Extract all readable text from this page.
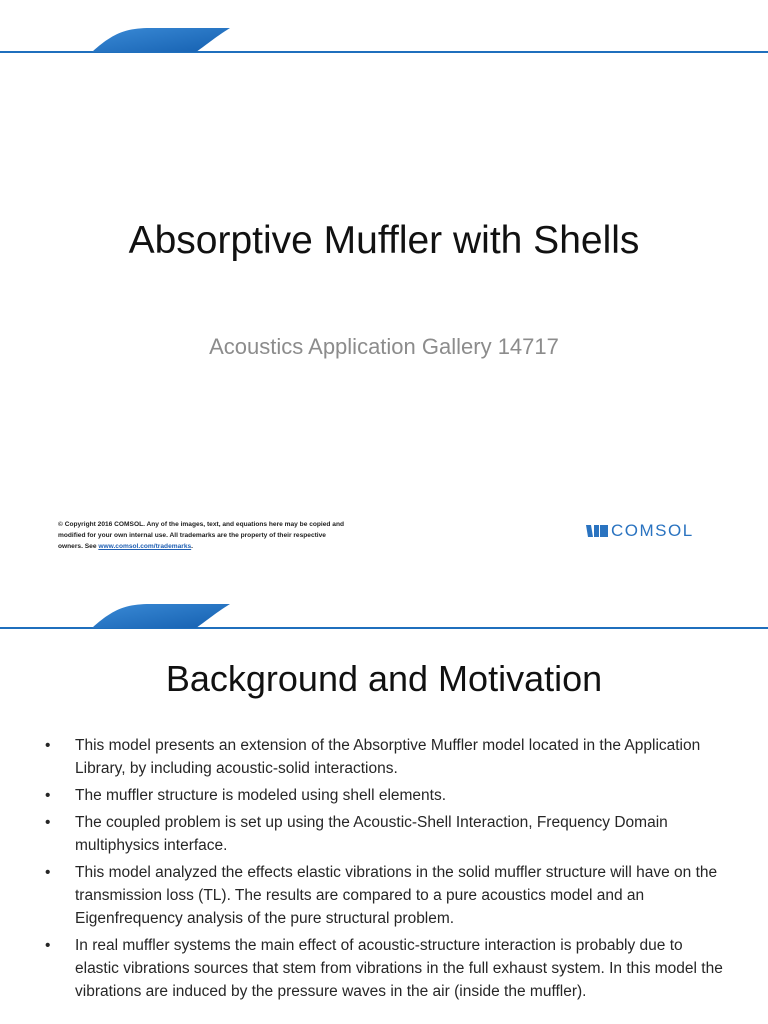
Absorptive Muffler with Shells
Acoustics Application Gallery 14717
© Copyright 2016 COMSOL. Any of the images, text, and equations here may be copied and modified for your own internal use. All trademarks are the property of their respective owners. See www.comsol.com/trademarks.
COMSOL
Background and Motivation
• This model presents an extension of the Absorptive Muffler model located in the Application Library, by including acoustic-solid interactions.
• The muffler structure is modeled using shell elements.
• The coupled problem is set up using the Acoustic-Shell Interaction, Frequency Domain multiphysics interface.
• This model analyzed the effects elastic vibrations in the solid muffler structure will have on the transmission loss (TL). The results are compared to a pure acoustics model and an Eigenfrequency analysis of the pure structural problem.
• In real muffler systems the main effect of acoustic-structure interaction is probably due to elastic vibrations sources that stem from vibrations in the full exhaust system. In this model the vibrations are induced by the pressure waves in the air (inside the muffler).
